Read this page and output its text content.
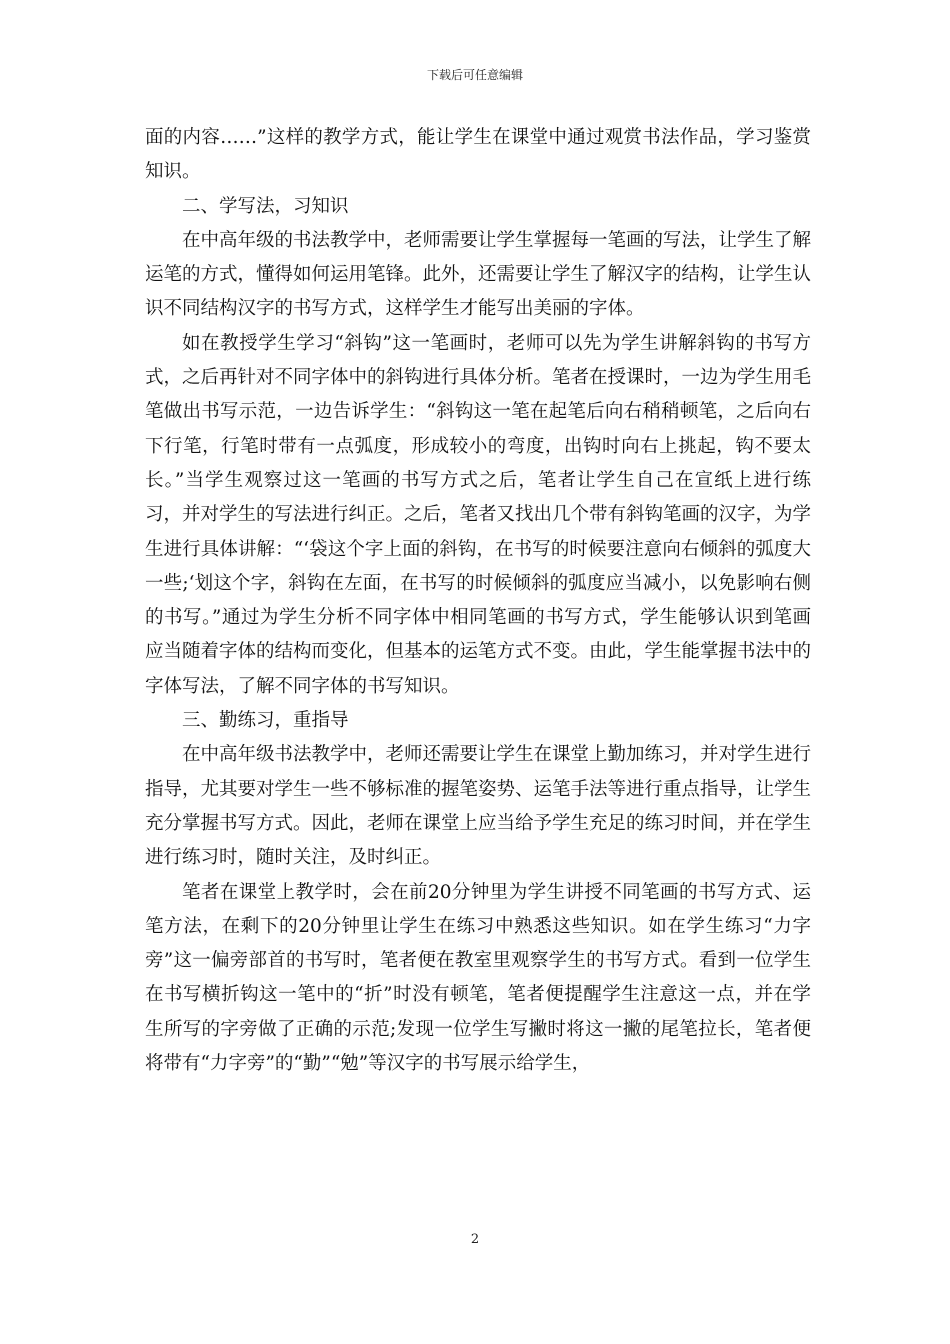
下载后可任意编辑

面的内容……”这样的教学方式，能让学生在课堂中通过观赏书法作品，学习鉴赏知识。

二、学写法，习知识

在中高年级的书法教学中，老师需要让学生掌握每一笔画的写法，让学生了解运笔的方式，懂得如何运用笔锋。此外，还需要让学生了解汉字的结构，让学生认识不同结构汉字的书写方式，这样学生才能写出美丽的字体。

如在教授学生学习“斜钩”这一笔画时，老师可以先为学生讲解斜钩的书写方式，之后再针对不同字体中的斜钩进行具体分析。笔者在授课时，一边为学生用毛笔做出书写示范，一边告诉学生：“斜钩这一笔在起笔后向右稍稍顿笔，之后向右下行笔，行笔时带有一点弧度，形成较小的弯度，出钩时向右上挑起，钩不要太长。”当学生观察过这一笔画的书写方式之后，笔者让学生自己在宣纸上进行练习，并对学生的写法进行纠正。之后，笔者又找出几个带有斜钩笔画的汉字，为学生进行具体讲解：“‘袋这个字上面的斜钩，在书写的时候要注意向右倾斜的弧度大一些;‘划这个字，斜钩在左面，在书写的时候倾斜的弧度应当减小，以免影响右侧的书写。”通过为学生分析不同字体中相同笔画的书写方式，学生能够认识到笔画应当随着字体的结构而变化，但基本的运笔方式不变。由此，学生能掌握书法中的字体写法，了解不同字体的书写知识。

三、勤练习，重指导

在中高年级书法教学中，老师还需要让学生在课堂上勤加练习，并对学生进行指导，尤其要对学生一些不够标准的握笔姿势、运笔手法等进行重点指导，让学生充分掌握书写方式。因此，老师在课堂上应当给予学生充足的练习时间，并在学生进行练习时，随时关注，及时纠正。

笔者在课堂上教学时，会在前20分钟里为学生讲授不同笔画的书写方式、运笔方法，在剩下的20分钟里让学生在练习中熟悉这些知识。如在学生练习“力字旁”这一偏旁部首的书写时，笔者便在教室里观察学生的书写方式。看到一位学生在书写横折钩这一笔中的“折”时没有顿笔，笔者便提醒学生注意这一点，并在学生所写的字旁做了正确的示范;发现一位学生写撇时将这一撇的尾笔拉长，笔者便将带有“力字旁”的“勤”“勉”等汉字的书写展示给学生，

2
